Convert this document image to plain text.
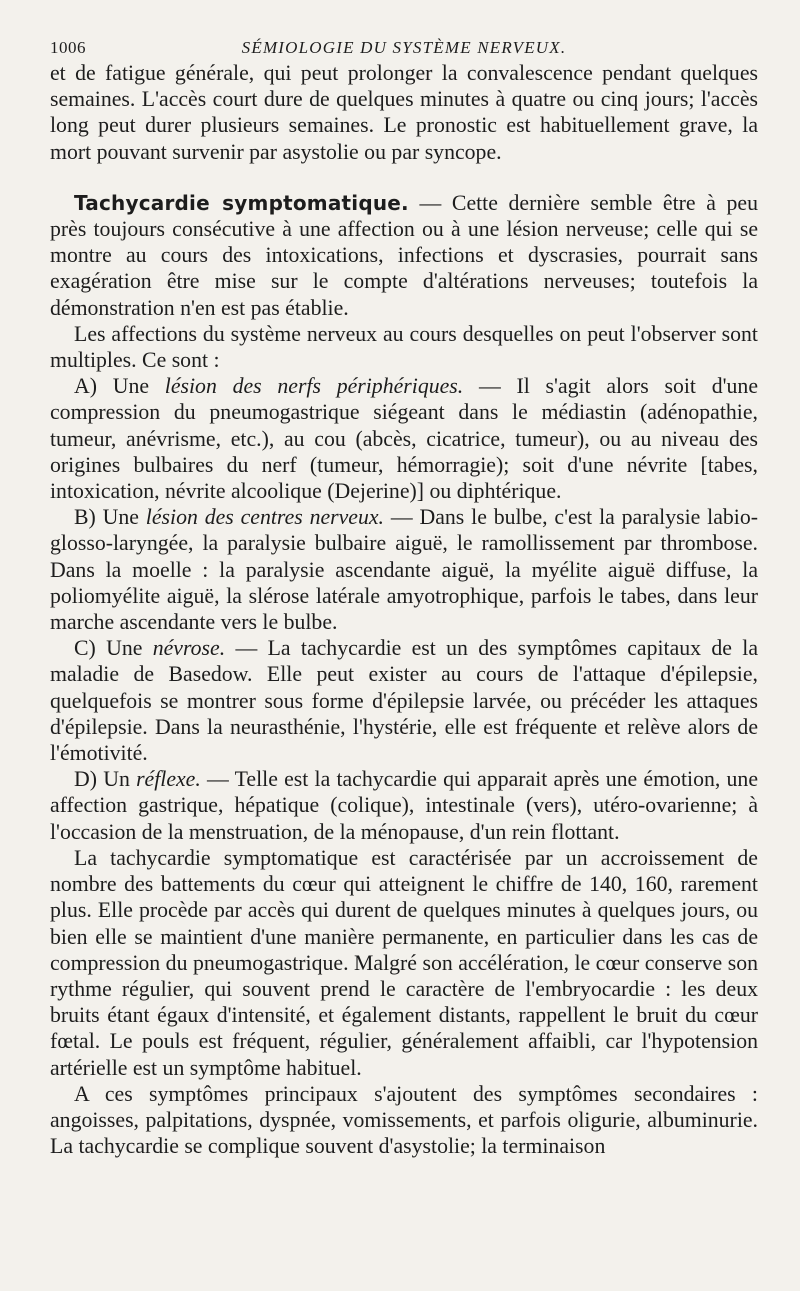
1006	SÉMIOLOGIE DU SYSTÈME NERVEUX.

et de fatigue générale, qui peut prolonger la convalescence pendant quelques semaines. L'accès court dure de quelques minutes à quatre ou cinq jours; l'accès long peut durer plusieurs semaines. Le pronostic est habituellement grave, la mort pouvant survenir par asystolie ou par syncope.

Tachycardie symptomatique. — Cette dernière semble être à peu près toujours consécutive à une affection ou à une lésion nerveuse; celle qui se montre au cours des intoxications, infections et dyscrasies, pourrait sans exagération être mise sur le compte d'altérations nerveuses; toutefois la démonstration n'en est pas établie.

Les affections du système nerveux au cours desquelles on peut l'observer sont multiples. Ce sont :

A) Une lésion des nerfs périphériques. — Il s'agit alors soit d'une compression du pneumogastrique siégeant dans le médiastin (adénopathie, tumeur, anévrisme, etc.), au cou (abcès, cicatrice, tumeur), ou au niveau des origines bulbaires du nerf (tumeur, hémorragie); soit d'une névrite [tabes, intoxication, névrite alcoolique (Dejerine)] ou diphtérique.

B) Une lésion des centres nerveux. — Dans le bulbe, c'est la paralysie labio-glosso-laryngée, la paralysie bulbaire aiguë, le ramollissement par thrombose. Dans la moelle : la paralysie ascendante aiguë, la myélite aiguë diffuse, la poliomyélite aiguë, la slérose latérale amyotrophique, parfois le tabes, dans leur marche ascendante vers le bulbe.

C) Une névrose. — La tachycardie est un des symptômes capitaux de la maladie de Basedow. Elle peut exister au cours de l'attaque d'épilepsie, quelquefois se montrer sous forme d'épilepsie larvée, ou précéder les attaques d'épilepsie. Dans la neurasthénie, l'hystérie, elle est fréquente et relève alors de l'émotivité.

D) Un réflexe. — Telle est la tachycardie qui apparait après une émotion, une affection gastrique, hépatique (colique), intestinale (vers), utéro-ovarienne; à l'occasion de la menstruation, de la ménopause, d'un rein flottant.

La tachycardie symptomatique est caractérisée par un accroissement de nombre des battements du cœur qui atteignent le chiffre de 140, 160, rarement plus. Elle procède par accès qui durent de quelques minutes à quelques jours, ou bien elle se maintient d'une manière permanente, en particulier dans les cas de compression du pneumogastrique. Malgré son accélération, le cœur conserve son rythme régulier, qui souvent prend le caractère de l'embryocardie : les deux bruits étant égaux d'intensité, et également distants, rappellent le bruit du cœur fœtal. Le pouls est fréquent, régulier, généralement affaibli, car l'hypotension artérielle est un symptôme habituel.

A ces symptômes principaux s'ajoutent des symptômes secondaires : angoisses, palpitations, dyspnée, vomissements, et parfois oligurie, albuminurie. La tachycardie se complique souvent d'asystolie; la terminaison
